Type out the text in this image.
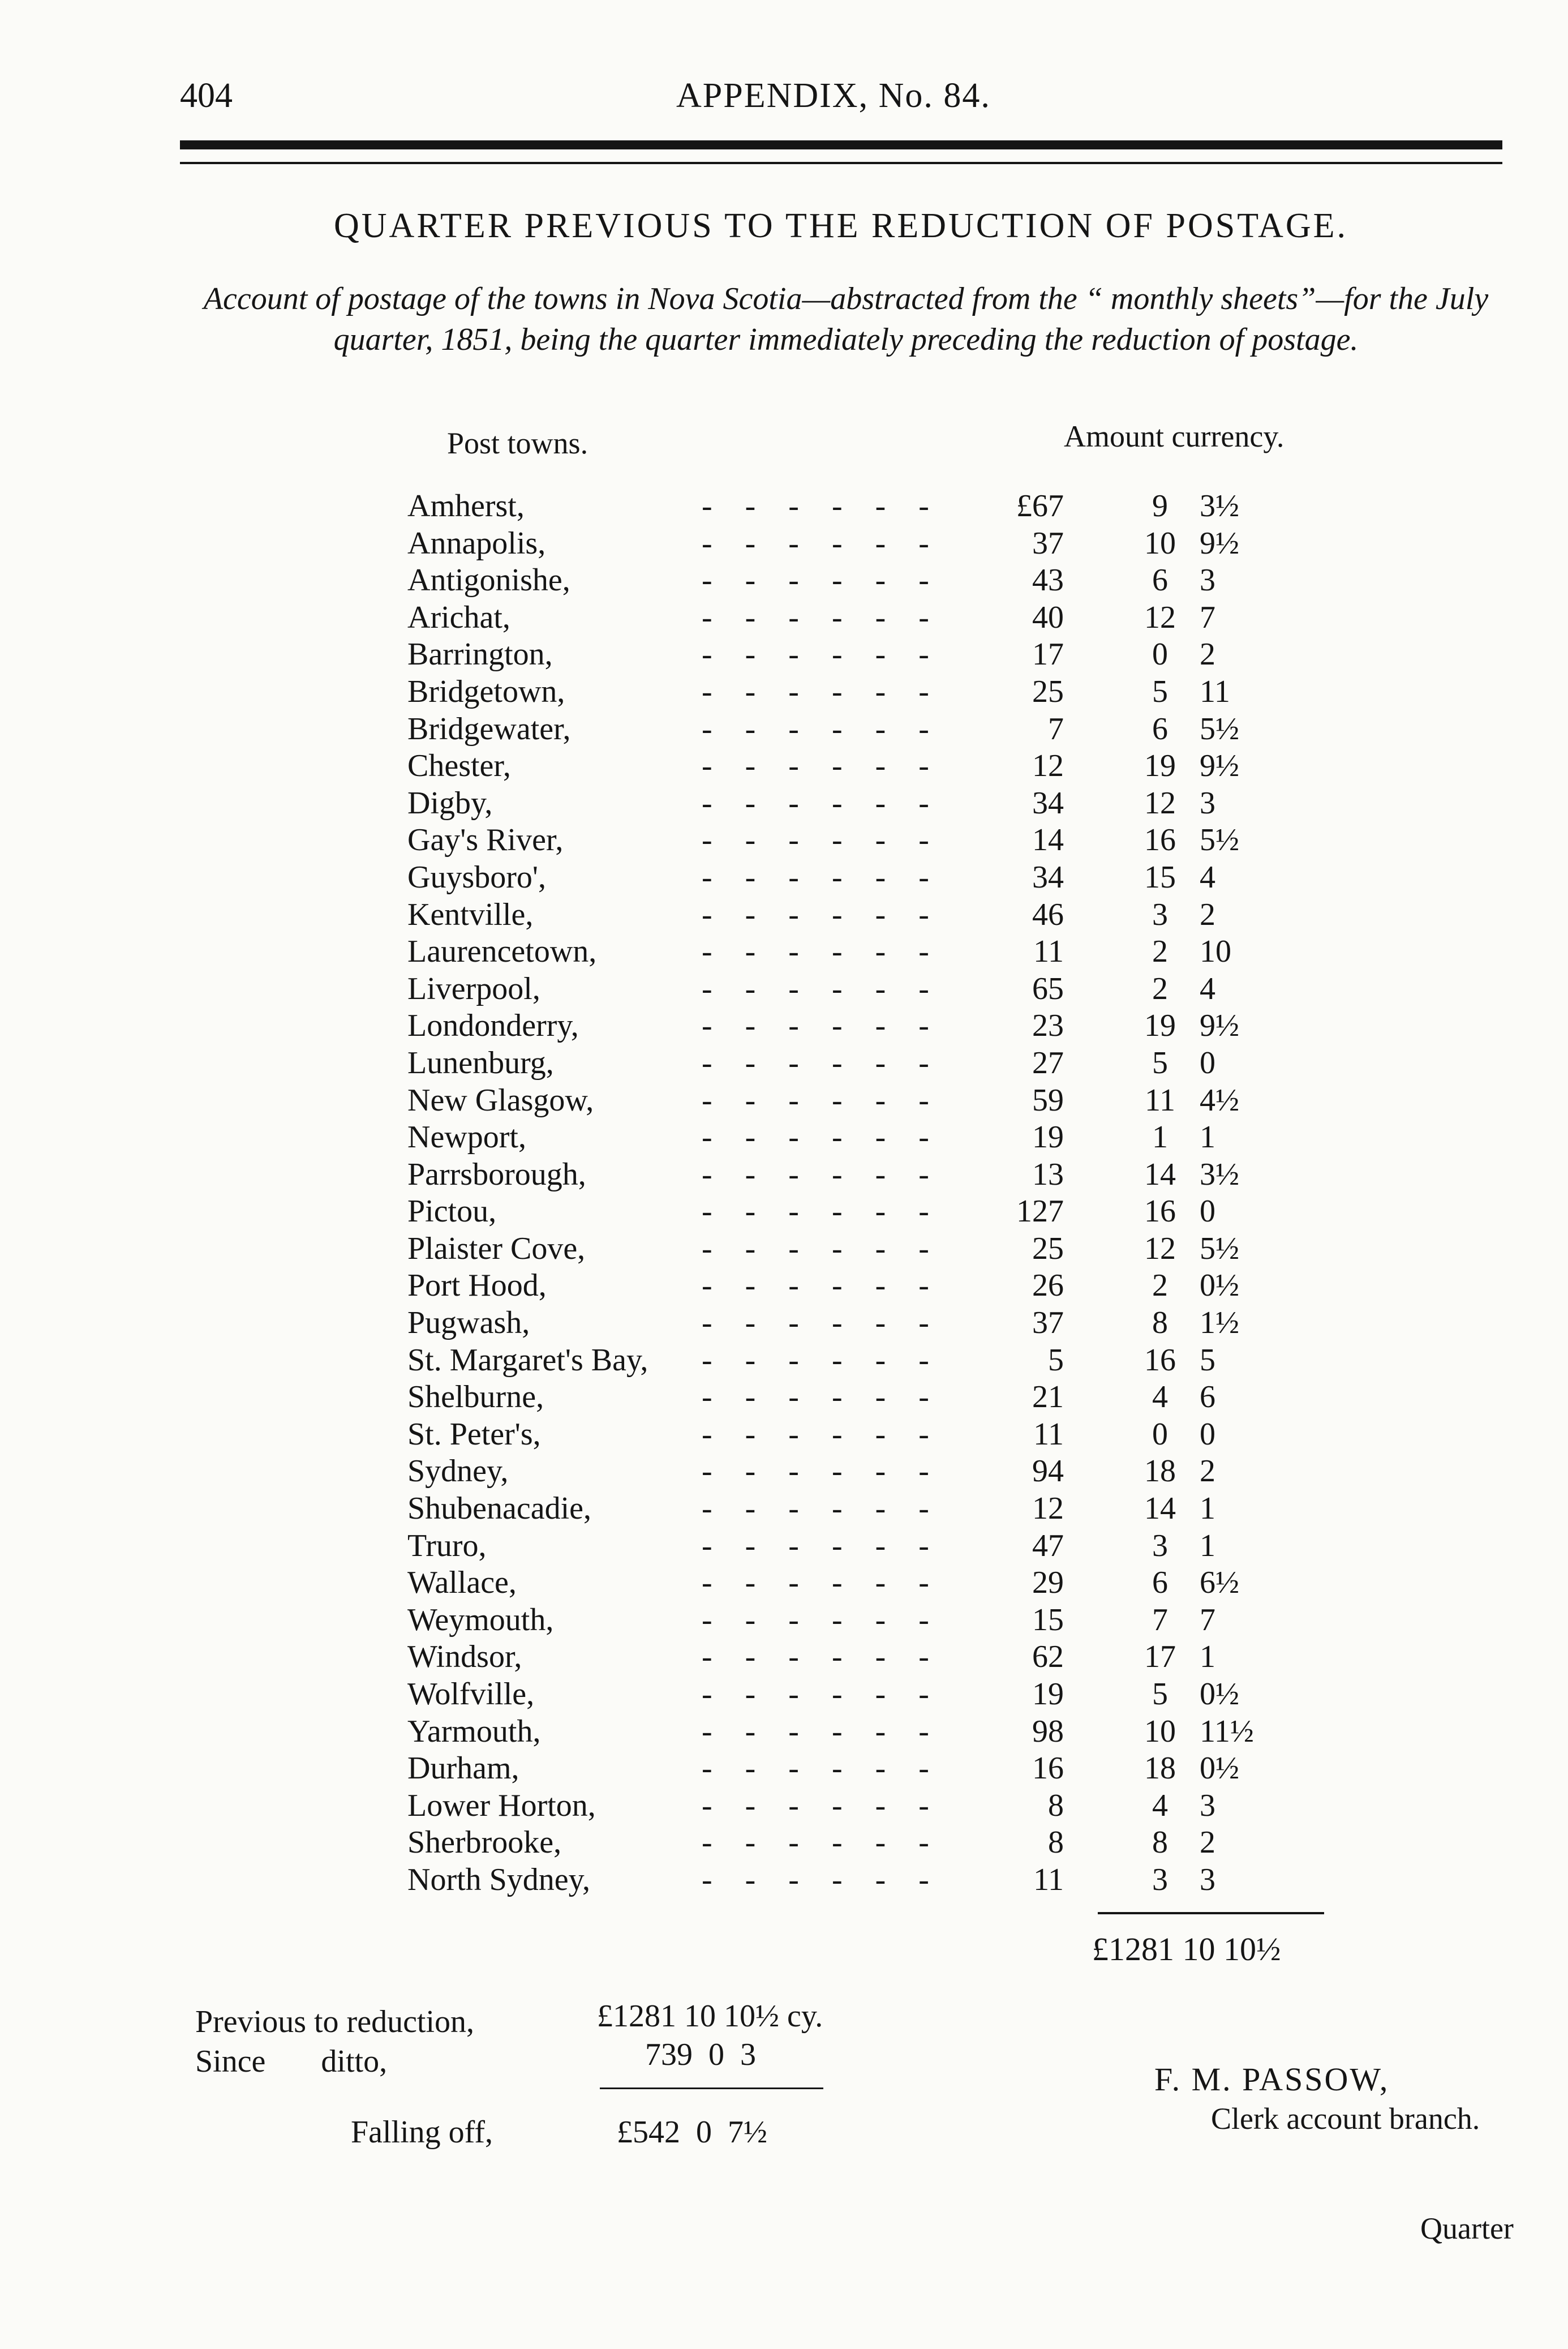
404	APPENDIX, No. 84.
QUARTER PREVIOUS TO THE REDUCTION OF POSTAGE.
Account of postage of the towns in Nova Scotia—abstracted from the “ monthly sheets”—for the July quarter, 1851, being the quarter immediately preceding the reduction of postage.
Post towns.	Amount currency.
Amherst,	- - - - - -	£67	9	3½
Annapolis,	- - - - - -	37	10 9½
Antigonishe,	- - - - - -	43	6	3
Arichat,	- - - - - -	40	12 7
Barrington,	- - - - - -	17	0	2
Bridgetown,	- - - - - -	25	5	11
Bridgewater,	- - - - - -	7	6	5½
Chester,	- - - - - -	12	19 9½
Digby,	- - - - - -	34	12 3
Gay's River,	- - - - - -	14	16 5½
Guysboro',	- - - - - -	34	15 4
Kentville,	- - - - - -	46	3	2
Laurencetown,	- - - - - -	11	2	10
Liverpool,	- - - - - -	65	2	4
Londonderry,	- - - - - -	23	19 9½
Lunenburg,	- - - - - -	27	5	0
New Glasgow,	- - - - - -	59	11 4½
Newport,	- - - - - -	19	1	1
Parrsborough,	- - - - - -	13	14 3½
Pictou,	- - - - - -	127	16 0
Plaister Cove,	- - - - - -	25	12 5½
Port Hood,	- - - - - -	26	2	0½
Pugwash,	- - - - - -	37	8	1½
St. Margaret's Bay, - - - - - -	5	16 5
Shelburne,	- - - - - -	21	4	6
St. Peter's,	- - - - - -	11	0	0
Sydney,	- - - - - -	94	18 2
Shubenacadie,	- - - - - -	12	14 1
Truro,	- - - - - -	47	3	1
Wallace,	- - - - - -	29	6	6½
Weymouth,	- - - - - -	15	7	7
Windsor,	- - - - - -	62	17 1
Wolfville,	- - - - - -	19	5	0½
Yarmouth,	- - - - - -	98	10 11½
Durham,	- - - - - -	16	18 0½
Lower Horton,	- - - - - -	8	4	3
Sherbrooke,	- - - - - -	8	8	2
North Sydney,	- - - - - -	11	3	3
£1281 10 10½
Previous to reduction,	£1281 10 10½ cy.
Since       ditto,	739  0  3
Falling off,	£542  0  7½
F. M. PASSOW,
Clerk account branch.
Quarter
